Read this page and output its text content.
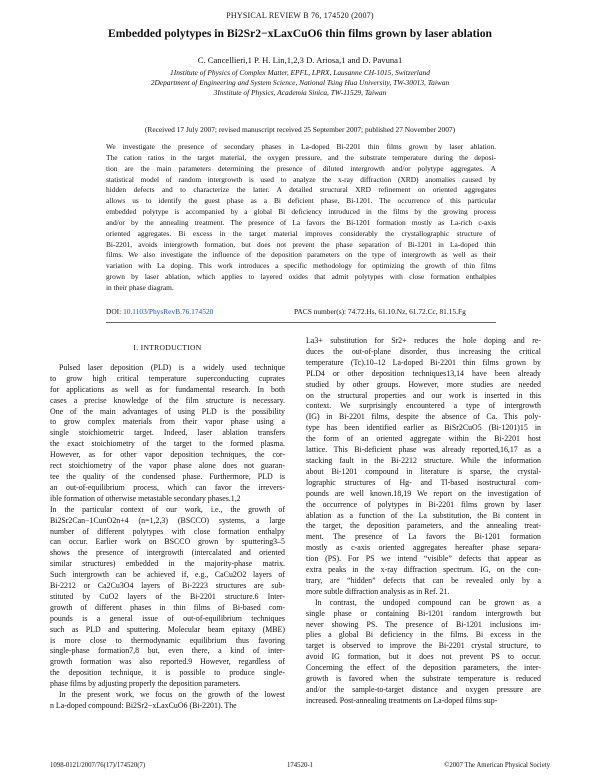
PHYSICAL REVIEW B 76, 174520 (2007)
Embedded polytypes in Bi2Sr2−xLaxCuO6 thin films grown by laser ablation
C. Cancellieri,1 P. H. Lin,1,2,3 D. Ariosa,1 and D. Pavuna1
1Institute of Physics of Complex Matter, EPFL, LPRX, Lausanne CH-1015, Switzerland
2Department of Engineering and System Science, National Tsing Hua University, TW-30013, Taiwan
3Institute of Physics, Academia Sinica, TW-11529, Taiwan
(Received 17 July 2007; revised manuscript received 25 September 2007; published 27 November 2007)
We investigate the presence of secondary phases in La-doped Bi-2201 thin films grown by laser ablation.
The cation ratios in the target material, the oxygen pressure, and the substrate temperature during the deposi-
tion are the main parameters determining the presence of diluted intergrowth and/or polytype aggregates. A
statistical model of random intergrowth is used to analyze the x-ray diffraction (XRD) anomalies caused by
hidden defects and to characterize the latter. A detailed structural XRD refinement on oriented aggregates
allows us to identify the guest phase as a Bi deficient phase, Bi-1201. The occurrence of this particular
embedded polytype is accompanied by a global Bi deficiency introduced in the films by the growing process
and/or by the annealing treatment. The presence of La favors the Bi-1201 formation mostly as La-rich c-axis
oriented aggregates. Bi excess in the target material improves considerably the crystallographic structure of
Bi-2201, avoids intergrowth formation, but does not prevent the phase separation of Bi-1201 in La-doped thin
films. We also investigate the influence of the deposition parameters on the type of intergrowth as well as their
variation with La doping. This work introduces a specific methodology for optimizing the growth of thin films
grown by laser ablation, which applies to layered oxides that admit polytypes with close formation enthalpies
in their phase diagram.
DOI: 10.1103/PhysRevB.76.174520	PACS number(s): 74.72.Hs, 61.10.Nz, 61.72.Cc, 81.15.Fg
I. INTRODUCTION
Pulsed laser deposition (PLD) is a widely used technique
to grow high critical temperature superconducting cuprates
for applications as well as for fundamental research. In both
cases a precise knowledge of the film structure is necessary.
One of the main advantages of using PLD is the possibility
to grow complex materials from their vapor phase using a
single stoichiometric target. Indeed, laser ablation transfers
the exact stoichiometry of the target to the formed plasma.
However, as for other vapor deposition techniques, the cor-
rect stoichiometry of the vapor phase alone does not guaran-
tee the quality of the condensed phase. Furthermore, PLD is
an out-of-equilibrium process, which can favor the irrevers-
ible formation of otherwise metastable secondary phases.1,2
In the particular context of our work, i.e., the growth of
Bi2Sr2Can−1CunO2n+4 (n=1,2,3) (BSCCO) systems, a large
number of different polytypes with close formation enthalpy
can occur. Earlier work on BSCCO grown by sputtering3–5
shows the presence of intergrowth (intercalated and oriented
similar structures) embedded in the majority-phase matrix.
Such intergrowth can be achieved if, e.g., CaCu2O2 layers of
Bi-2212 or Ca2Cu3O4 layers of Bi-2223 structures are sub-
stituted by CuO2 layers of the Bi-2201 structure.6 Inter-
growth of different phases in thin films of Bi-based com-
pounds is a general issue of out-of-equilibrium techniques
such as PLD and sputtering. Molecular beam epitaxy (MBE)
is more close to thermodynamic equilibrium thus favoring
single-phase formation7,8 but, even there, a kind of inter-
growth formation was also reported.9 However, regardless of
the deposition technique, it is possible to produce single-
phase films by adjusting properly the deposition parameters.
In the present work, we focus on the growth of the lowest
n La-doped compound: Bi2Sr2−xLaxCuO6 (Bi-2201). The
La3+ substitution for Sr2+ reduces the hole doping and re-
duces the out-of-plane disorder, thus increasing the critical
temperature (Tc).10–12 La-doped Bi-2201 thin films grown by
PLD4 or other deposition techniques13,14 have been already
studied by other groups. However, more studies are needed
on the structural properties and our work is inserted in this
context. We surprisingly encountered a type of intergrowth
(IG) in Bi-2201 films, despite the absence of Ca. This poly-
type has been identified earlier as BiSr2CuO5 (Bi-1201)15 in
the form of an oriented aggregate within the Bi-2201 host
lattice. This Bi-deficient phase was already reported,16,17 as a
stacking fault in the Bi-2212 structure. While the information
about Bi-1201 compound in literature is sparse, the crystal-
lographic structures of Hg- and Tl-based isostructural com-
pounds are well known.18,19 We report on the investigation of
the occurrence of polytypes in Bi-2201 films grown by laser
ablation as a function of the La substitution, the Bi content in
the target, the deposition parameters, and the annealing treat-
ment. The presence of La favors the Bi-1201 formation
mostly as c-axis oriented aggregates hereafter phase separa-
tion (PS). For PS we intend “visible” defects that appear as
extra peaks in the x-ray diffraction spectrum. IG, on the con-
trary, are “hidden” defects that can be revealed only by a
more subtle diffraction analysis as in Ref. 21.
In contrast, the undoped compound can be grown as a
single phase or containing Bi-1201 random intergrowth but
never showing PS. The presence of Bi-1201 inclusions im-
plies a global Bi deficiency in the films. Bi excess in the
target is observed to improve the Bi-2201 crystal structure, to
avoid IG formation, but it does not prevent PS to occur.
Concerning the effect of the deposition parameters, the inter-
growth is favored when the substrate temperature is reduced
and/or the sample-to-target distance and oxygen pressure are
increased. Post-annealing treatments on La-doped films sup-
1098-0121/2007/76(17)/174520(7)	174520-1	©2007 The American Physical Society
